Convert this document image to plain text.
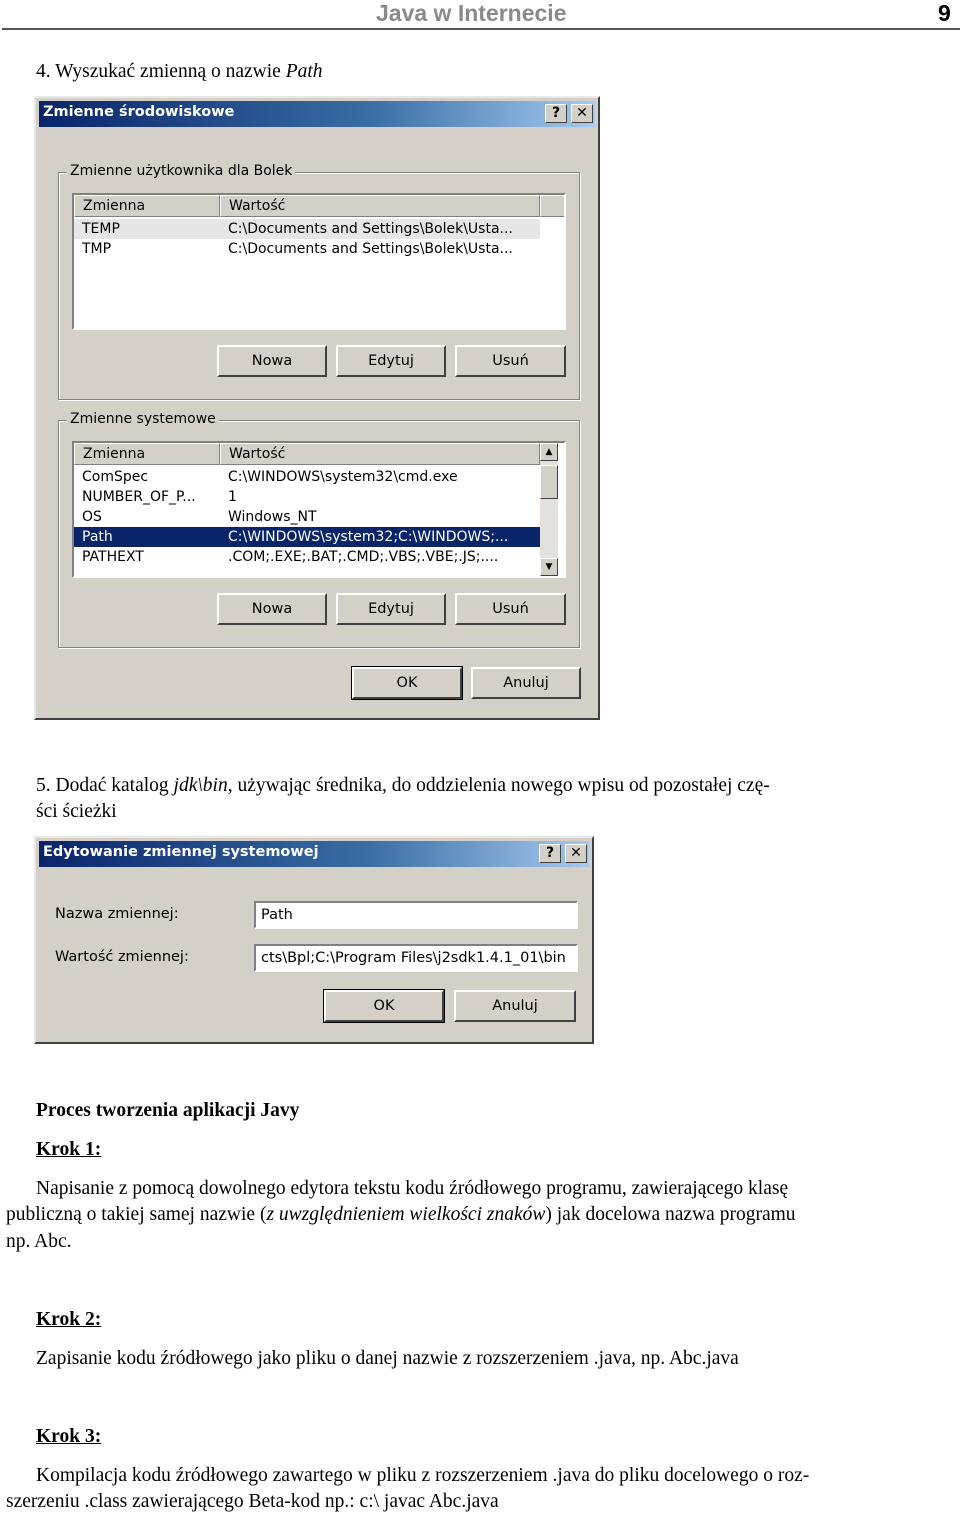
Java w Internecie	9
4. Wyszukać zmienną o nazwie Path
Zmienne środowiskowe	?	✕
Zmienne użytkownika dla Bolek
Zmienna	Wartość
TEMP	C:\Documents and Settings\Bolek\Usta...
TMP	C:\Documents and Settings\Bolek\Usta...
Nowa	Edytuj	Usuń
Zmienne systemowe
Zmienna	Wartość
ComSpec	C:\WINDOWS\system32\cmd.exe
NUMBER_OF_P... 1
OS	Windows_NT
Path	C:\WINDOWS\system32;C:\WINDOWS;...
PATHEXT	.COM;.EXE;.BAT;.CMD;.VBS;.VBE;.JS;....
▲
▼
Nowa	Edytuj	Usuń
OK	Anuluj
5. Dodać katalog jdk\bin, używając średnika, do oddzielenia nowego wpisu od pozostałej czę-
ści ścieżki
Edytowanie zmiennej systemowej	?	✕
Nazwa zmiennej:	Path
Wartość zmiennej:	cts\Bpl;C:\Program Files\j2sdk1.4.1_01\bin
OK	Anuluj
Proces tworzenia aplikacji Javy
Krok 1:
Napisanie z pomocą dowolnego edytora tekstu kodu źródłowego programu, zawierającego klasę
publiczną o takiej samej nazwie (z uwzględnieniem wielkości znaków) jak docelowa nazwa programu
np. Abc.
Krok 2:
Zapisanie kodu źródłowego jako pliku o danej nazwie z rozszerzeniem .java, np. Abc.java
Krok 3:
Kompilacja kodu źródłowego zawartego w pliku z rozszerzeniem .java do pliku docelowego o roz-
szerzeniu .class zawierającego Beta-kod np.: c:\ javac Abc.java
